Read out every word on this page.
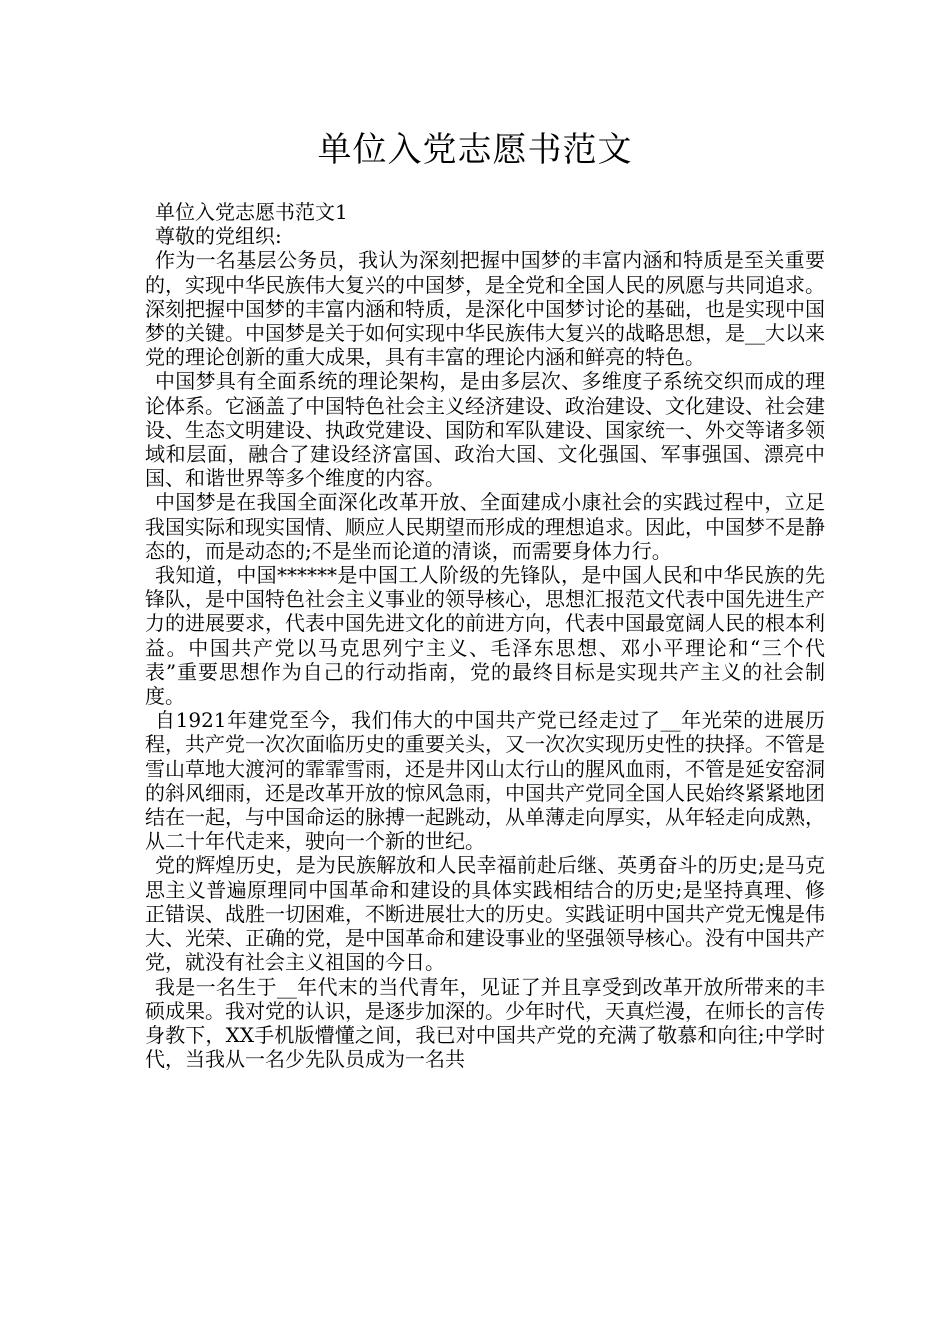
单位入党志愿书范文

单位入党志愿书范文1

尊敬的党组织:

作为一名基层公务员，我认为深刻把握中国梦的丰富内涵和特质是至关重要的，实现中华民族伟大复兴的中国梦，是全党和全国人民的夙愿与共同追求。深刻把握中国梦的丰富内涵和特质，是深化中国梦讨论的基础，也是实现中国梦的关键。中国梦是关于如何实现中华民族伟大复兴的战略思想，是__大以来党的理论创新的重大成果，具有丰富的理论内涵和鲜亮的特色。

中国梦具有全面系统的理论架构，是由多层次、多维度子系统交织而成的理论体系。它涵盖了中国特色社会主义经济建设、政治建设、文化建设、社会建设、生态文明建设、执政党建设、国防和军队建设、国家统一、外交等诸多领域和层面，融合了建设经济富国、政治大国、文化强国、军事强国、漂亮中国、和谐世界等多个维度的内容。

中国梦是在我国全面深化改革开放、全面建成小康社会的实践过程中，立足我国实际和现实国情、顺应人民期望而形成的理想追求。因此，中国梦不是静态的，而是动态的;不是坐而论道的清谈，而需要身体力行。

我知道，中国******是中国工人阶级的先锋队，是中国人民和中华民族的先锋队，是中国特色社会主义事业的领导核心，思想汇报范文代表中国先进生产力的进展要求，代表中国先进文化的前进方向，代表中国最宽阔人民的根本利益。中国共产党以马克思列宁主义、毛泽东思想、邓小平理论和“三个代表”重要思想作为自己的行动指南，党的最终目标是实现共产主义的社会制度。

自1921年建党至今，我们伟大的中国共产党已经走过了__年光荣的进展历程，共产党一次次面临历史的重要关头，又一次次实现历史性的抉择。不管是雪山草地大渡河的霏霏雪雨，还是井冈山太行山的腥风血雨，不管是延安窑洞的斜风细雨，还是改革开放的惊风急雨，中国共产党同全国人民始终紧紧地团结在一起，与中国命运的脉搏一起跳动，从单薄走向厚实，从年轻走向成熟，从二十年代走来，驶向一个新的世纪。

党的辉煌历史，是为民族解放和人民幸福前赴后继、英勇奋斗的历史;是马克思主义普遍原理同中国革命和建设的具体实践相结合的历史;是坚持真理、修正错误、战胜一切困难，不断进展壮大的历史。实践证明中国共产党无愧是伟大、光荣、正确的党，是中国革命和建设事业的坚强领导核心。没有中国共产党，就没有社会主义祖国的今日。

我是一名生于__年代末的当代青年，见证了并且享受到改革开放所带来的丰硕成果。我对党的认识，是逐步加深的。少年时代，天真烂漫，在师长的言传身教下，XX手机版懵懂之间，我已对中国共产党的充满了敬慕和向往;中学时代，当我从一名少先队员成为一名共
